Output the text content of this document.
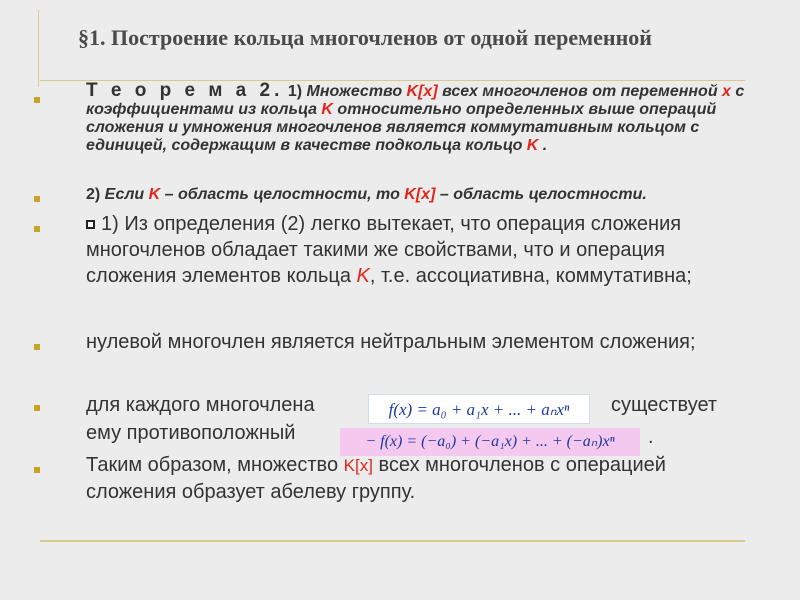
§1. Построение кольца многочленов от одной переменной
Т е о р е м а 2. 1) Множество K[x] всех многочленов от переменной x с коэффициентами из кольца K относительно определенных выше операций сложения и умножения многочленов является коммутативным кольцом с единицей, содержащим в качестве подкольца кольцо K .
2) Если K – область целостности, то K[x] – область целостности.
1) Из определения (2) легко вытекает, что операция сложения многочленов обладает такими же свойствами, что и операция сложения элементов кольца K, т.е. ассоциативна, коммутативна;
нулевой многочлен является нейтральным элементом сложения;
для каждого многочлена	f(x) = a₀ + a₁x + ... + aₙxⁿ	существует
ему противоположный	− f(x) = (−a₀) + (−a₁x) + ... + (−aₙ)xⁿ	.
Таким образом, множество K[x] всех многочленов с операцией сложения образует абелеву группу.
